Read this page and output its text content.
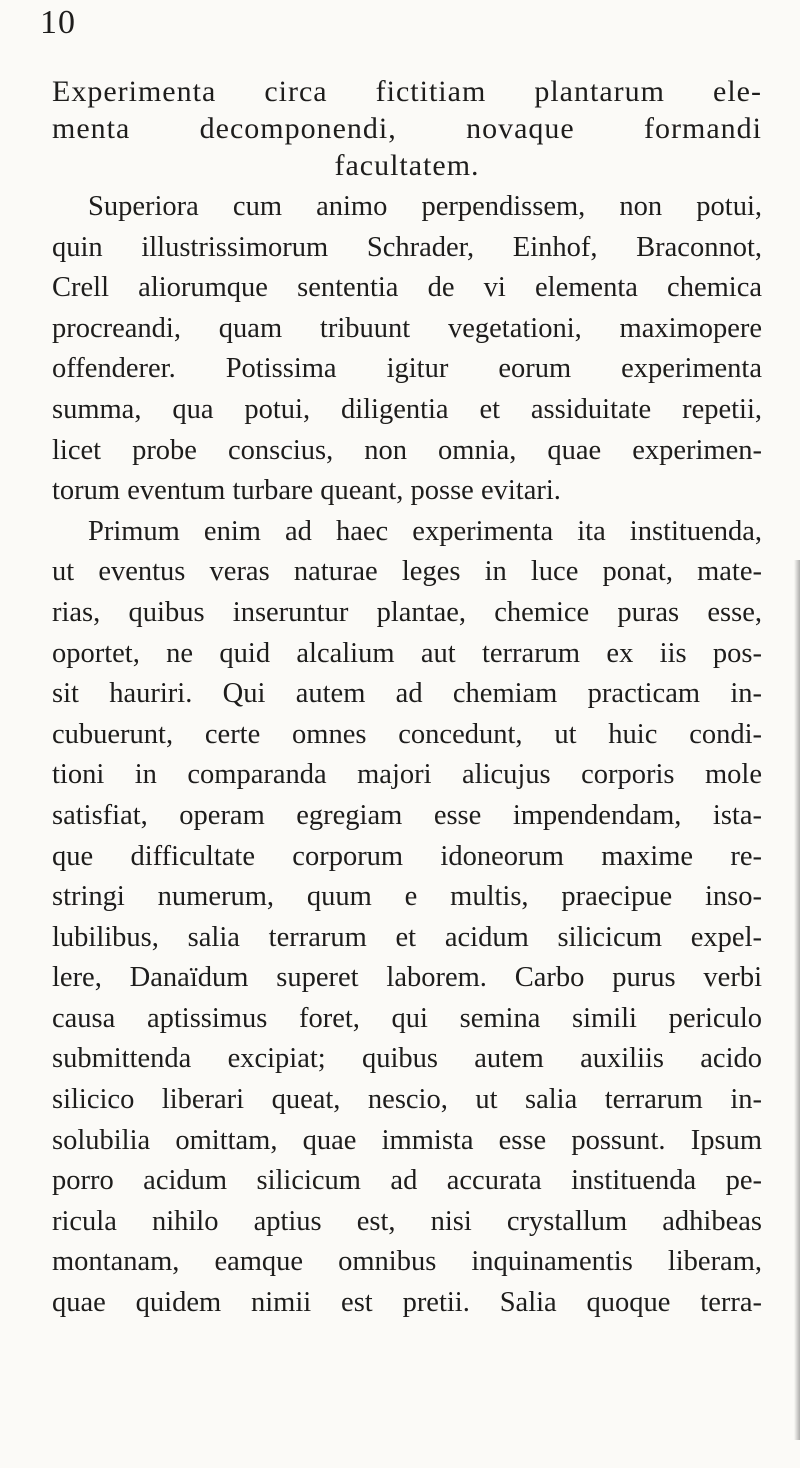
10
Experimenta circa fictitiam plantarum ele-
menta decomponendi, novaque formandi
facultatem.
Superiora cum animo perpendissem, non potui,
quin illustrissimorum Schrader, Einhof, Braconnot,
Crell aliorumque sententia de vi elementa chemica
procreandi, quam tribuunt vegetationi, maximopere
offenderer. Potissima igitur eorum experimenta
summa, qua potui, diligentia et assiduitate repetii,
licet probe conscius, non omnia, quae experimen-
torum eventum turbare queant, posse evitari.
Primum enim ad haec experimenta ita instituenda,
ut eventus veras naturae leges in luce ponat, mate-
rias, quibus inseruntur plantae, chemice puras esse,
oportet, ne quid alcalium aut terrarum ex iis pos-
sit hauriri. Qui autem ad chemiam practicam in-
cubuerunt, certe omnes concedunt, ut huic condi-
tioni in comparanda majori alicujus corporis mole
satisfiat, operam egregiam esse impendendam, ista-
que difficultate corporum idoneorum maxime re-
stringi numerum, quum e multis, praecipue inso-
lubilibus, salia terrarum et acidum silicicum expel-
lere, Danaïdum superet laborem. Carbo purus verbi
causa aptissimus foret, qui semina simili periculo
submittenda excipiat; quibus autem auxiliis acido
silicico liberari queat, nescio, ut salia terrarum in-
solubilia omittam, quae immista esse possunt. Ipsum
porro acidum silicicum ad accurata instituenda pe-
ricula nihilo aptius est, nisi crystallum adhibeas
montanam, eamque omnibus inquinamentis liberam,
quae quidem nimii est pretii. Salia quoque terra-
